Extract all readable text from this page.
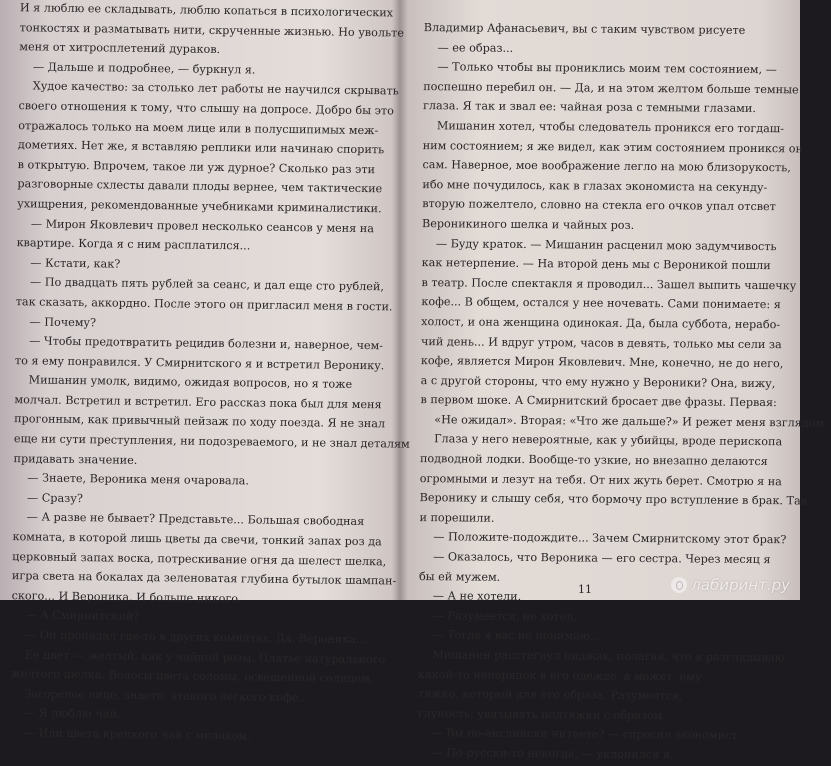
И я люблю ее складывать, люблю копаться в психологических
тонкостях и разматывать нити, скрученные жизнью. Но увольте
меня от хитросплетений дураков.
— Дальше и подробнее, — буркнул я.
Худое качество: за столько лет работы не научился скрывать
своего отношения к тому, что слышу на допросе. Добро бы это
отражалось только на моем лице или в полусшипимых меж-
дометиях. Нет же, я вставляю реплики или начинаю спорить
в открытую. Впрочем, такое ли уж дурное? Сколько раз эти
разговорные схлесты давали плоды вернее, чем тактические
ухищрения, рекомендованные учебниками криминалистики.
— Мирон Яковлевич провел несколько сеансов у меня на
квартире. Когда я с ним расплатился...
— Кстати, как?
— По двадцать пять рублей за сеанс, и дал еще сто рублей,
так сказать, аккордно. После этого он пригласил меня в гости.
— Почему?
— Чтобы предотвратить рецидив болезни и, наверное, чем-
то я ему понравился. У Смирнитского я и встретил Веронику.
Мишанин умолк, видимо, ожидая вопросов, но я тоже
молчал. Встретил и встретил. Его рассказ пока был для меня
прогонным, как привычный пейзаж по ходу поезда. Я не знал
еще ни сути преступления, ни подозреваемого, и не знал деталям
придавать значение.
— Знаете, Вероника меня очаровала.
— Сразу?
— А разве не бывает? Представьте... Большая свободная
комната, в которой лишь цветы да свечи, тонкий запах роз да
церковный запах воска, потрескивание огня да шелест шелка,
игра света на бокалах да зеленоватая глубина бутылок шампан-
ского... И Вероника. И больше никого.
— А Смирнитский?
— Он пропадал где-то в других комнатах. Да, Вероника...
Ее цвет — желтый, как у чайной розы. Платье натурального
желтого шелка. Волосы цвета соломы, освещенной солнцем.
Загорелое лицо, знаете, этакого легкого кофе...
— Я люблю чай.
— Или цвета крепкого чая с молоком.
Владимир Афанасьевич, вы с таким чувством рисуете
— ее образ...
— Только чтобы вы прониклись моим тем состоянием, —
поспешно перебил он. — Да, и на этом желтом больше темные
глаза. Я так и звал ее: чайная роза с темными глазами.
Мишанин хотел, чтобы следователь проникся его тогдаш-
ним состоянием; я же видел, как этим состоянием проникся он
сам. Наверное, мое воображение легло на мою близорукость,
ибо мне почудилось, как в глазах экономиста на секунду-
вторую пожелтело, словно на стекла его очков упал отсвет
Вероникиного шелка и чайных роз.
— Буду краток. — Мишанин расценил мою задумчивость
как нетерпение. — На второй день мы с Вероникой пошли
в театр. После спектакля я проводил... Зашел выпить чашечку
кофе... В общем, остался у нее ночевать. Сами понимаете: я
холост, и она женщина одинокая. Да, была суббота, нерабо-
чий день... И вдруг утром, часов в девять, только мы сели за
кофе, является Мирон Яковлевич. Мне, конечно, не до него,
а с другой стороны, что ему нужно у Вероники? Она, вижу,
в первом шоке. А Смирнитский бросает две фразы. Первая:
«Не ожидал». Вторая: «Что же дальше?» И режет меня взглядом.
Глаза у него невероятные, как у убийцы, вроде перископа
подводной лодки. Вообще-то узкие, но внезапно делаются
огромными и лезут на тебя. От них жуть берет. Смотрю я на
Веронику и слышу себя, что бормочу про вступление в брак. Так
и порешили.
— Положите-подождите... Зачем Смирнитскому этот брак?
— Оказалось, что Вероника — его сестра. Через месяц я
бы ей мужем.
— А не хотели.
— Разумеется, не хотел.
— Тогда я вас не понимаю...
Мишанин расстегнул пиджак, полагая, что я разглядываю
какой-то непорядок в его одежде, а может, ему
тяжко, который для его образа. Разумеется,
глупость: увязывать подтяжки с образом.
— Вы по-английски читаете? — спросил экономист
— По-русски-то некогда, — уклонился я.
11	лабиринт.ру
